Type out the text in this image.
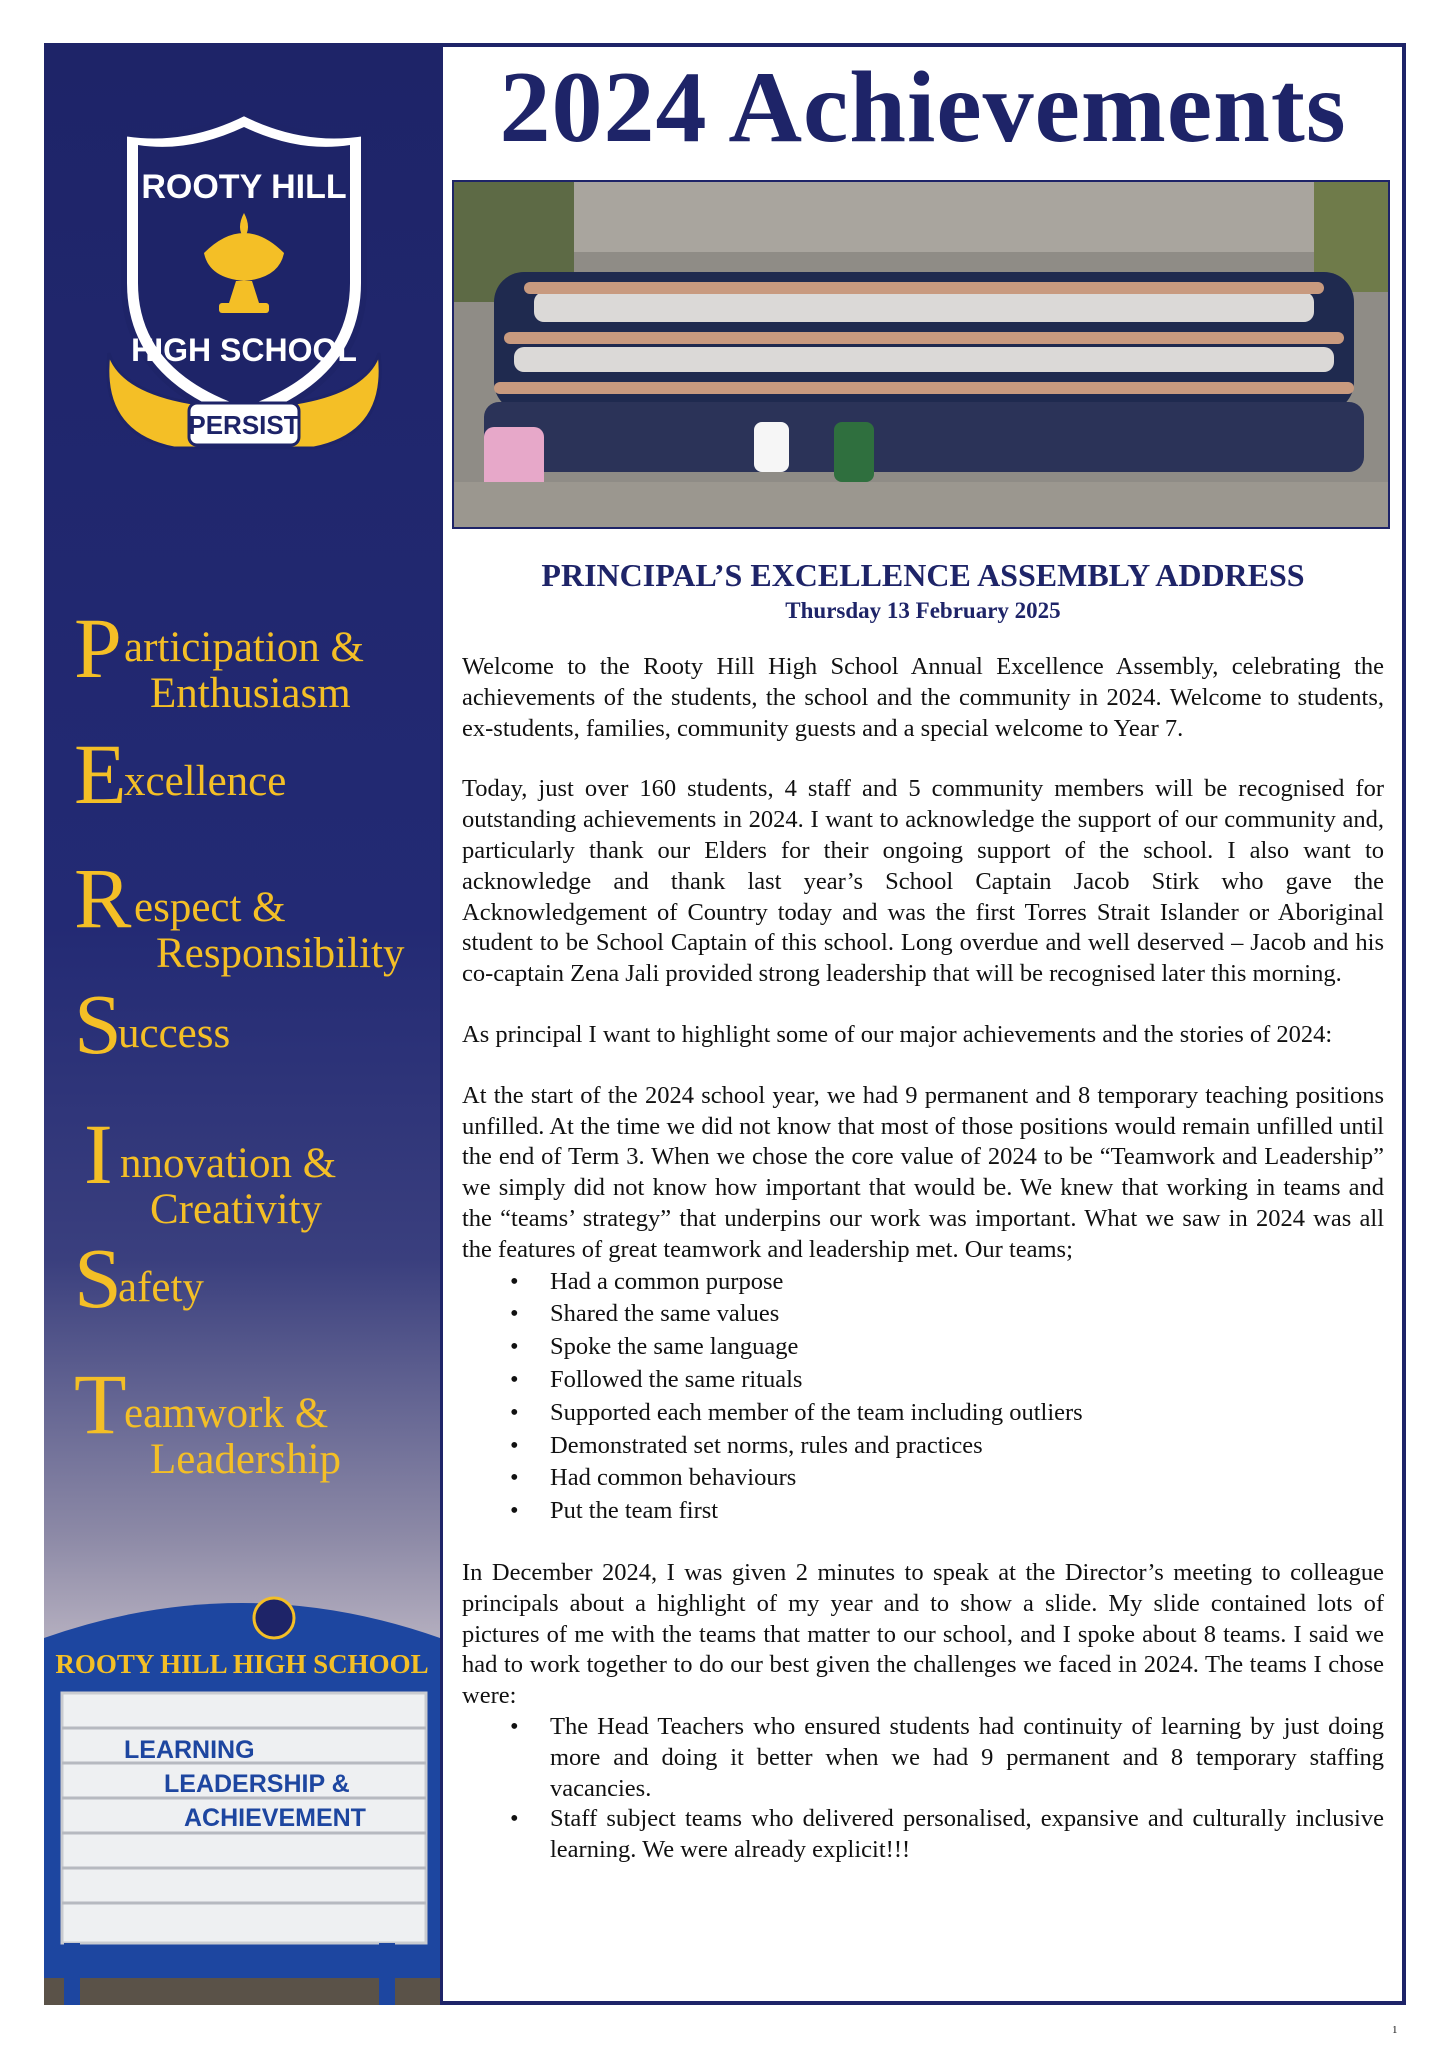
ROOTY HILL
HIGH SCHOOL
PERSIST
P articipation &
Enthusiasm
E
xcellence
R espect &
Responsibility
S
uccess
I nnovation &
Creativity
S
afety
T
eamwork &
Leadership
ROOTY HILL HIGH SCHOOL
LEARNING
LEADERSHIP &
ACHIEVEMENT
2024 Achievements
PRINCIPAL’S EXCELLENCE ASSEMBLY ADDRESS
Thursday 13 February 2025

Welcome to the Rooty Hill High School Annual Excellence Assembly, celebrating the achievements of the students, the school and the community in 2024. Welcome to students, ex-students, families, community guests and a special welcome to Year 7.

Today, just over 160 students, 4 staff and 5 community members will be recognised for outstanding achievements in 2024. I want to acknowledge the support of our community and, particularly thank our Elders for their ongoing support of the school. I also want to acknowledge and thank last year’s School Captain Jacob Stirk who gave the Acknowledgement of Country today and was the first Torres Strait Islander or Aboriginal student to be School Captain of this school. Long overdue and well deserved – Jacob and his co-captain Zena Jali provided strong leadership that will be recognised later this morning.

As principal I want to highlight some of our major achievements and the stories of 2024:

At the start of the 2024 school year, we had 9 permanent and 8 temporary teaching positions unfilled. At the time we did not know that most of those positions would remain unfilled until the end of Term 3. When we chose the core value of 2024 to be “Teamwork and Leadership” we simply did not know how important that would be. We knew that working in teams and the “teams’ strategy” that underpins our work was important. What we saw in 2024 was all the features of great teamwork and leadership met. Our teams;

• Had a common purpose
• Shared the same values
• Spoke the same language
• Followed the same rituals
• Supported each member of the team including outliers
• Demonstrated set norms, rules and practices
• Had common behaviours
• Put the team first

In December 2024, I was given 2 minutes to speak at the Director’s meeting to colleague principals about a highlight of my year and to show a slide. My slide contained lots of pictures of me with the teams that matter to our school, and I spoke about 8 teams. I said we had to work together to do our best given the challenges we faced in 2024. The teams I chose were:

• The Head Teachers who ensured students had continuity of learning by just doing more and doing it better when we had 9 permanent and 8 temporary staffing vacancies.
• Staff subject teams who delivered personalised, expansive and culturally inclusive learning. We were already explicit!!!
1
